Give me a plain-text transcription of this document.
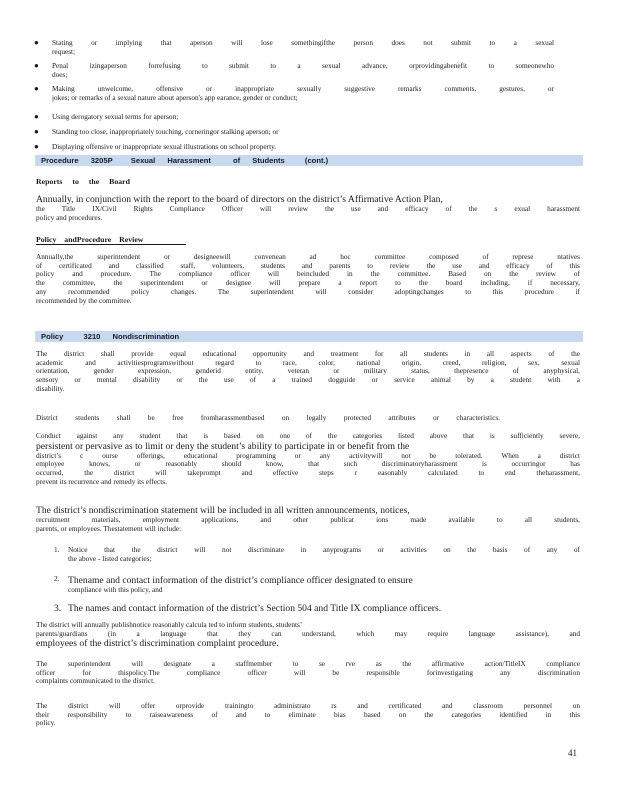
●	Stating or implying that aperson will lose somethingifthe person does not submit to a sexual
request;
●	Penal izingaperson forrefusing to submit to a sexual advance, orprovidingabenefit to someonewho
does;
●	Making unwelcome, offensive or inappropriate sexually suggestive remarks comments, gestures, or
jokes; or remarks of a sexual nature about aperson's app earance, gender or conduct;
●	Using derogatory sexual terms for aperson;
●	Standing too close, inappropriately touching, corneringor stalking aperson; or
●	Displaying offensive or inappropriate sexual illustrations on school property.
Procedure 3205P Sexual Harassment	of Students	(cont.)
Reports to the Board
Annually, in conjunction with the report to the board of directors on the district’s Affirmative Action Plan,
the Title IX/Civil Rights Compliance Officer will review the use and efficacy of the s exual harassment
policy and procedures.
Policy andProcedure Review
Annually,the superintendent or designeewill convenean ad hoc committee composed of represe ntatives
of certificated and classified staff, volunteers, students and parents to review the use and efficacy of this
policy and procedure. The compliance officer will beincluded in the committee. Based on the review of
the committee, the superintendent or designee will prepare a report to the board including, if necessary,
any recommended policy changes. The superintendent will consider adoptingchanges to this procedure if
recommended by the committee.
Policy	3210 Nondiscrimination
The district shall provide equal educational opportunity and treatment for all students in all aspects of the
academic and activitiesprogramswithout regard to race, color, national origin, creed, religion, sex, sexual
orientation, gender expression, genderid entity, veteran or military status, thepresence of anyphysical,
sensory or mental disability or the use of a trained dogguide or service animal by a student with a
disability.
District students shall be free fromharassmentbased on legally protected attributes or characteristics.
Conduct against any student that is based on one of the categories listed above that is sufficiently severe,
persistent or pervasive as to limit or deny the student’s ability to participate in or benefit from the
district’s c ourse offerings, educational programming or any activitywill not be tolerated. When a district
employee knows, or reasonably should know, that such discriminatoryharassment is occurringor has
occurred, the district will takeprompt and effective steps r easonably calculated to end theharassment,
prevent its recurrence and remedy its effects.
The district’s nondiscrimination statement will be included in all written announcements, notices,
recruitment materials, employment applications, and other publicat ions made available to all students,
parents, or employees. Thestatement will include:
1. Notice that the district will not discriminate in anyprograms or activities on the basis of any of
the above - listed categories;
2. Thename and contact information of the district’s compliance officer designated to ensure
compliance with this policy, and
3. The names and contact information of the district’s Section 504 and Title IX compliance officers.
The district will annually publishnotice reasonably calcula ted to inform students, students’
parents/guardians (in a language that they can understand, which may require language assistance), and
employees of the district’s discrimination complaint procedure.
The superintendent will designate a staffmember to se rve as the affirmative action/TitleIX compliance
officer for thispolicy.The compliance officer will be responsible forinvestigating any discrimination
complaints communicated to the district.
The district will offer orprovide trainingto administrato rs and certificated and classroom personnel on
their responsibility to raiseawareness of and to eliminate bias based on the categories identified in this
policy.
41
